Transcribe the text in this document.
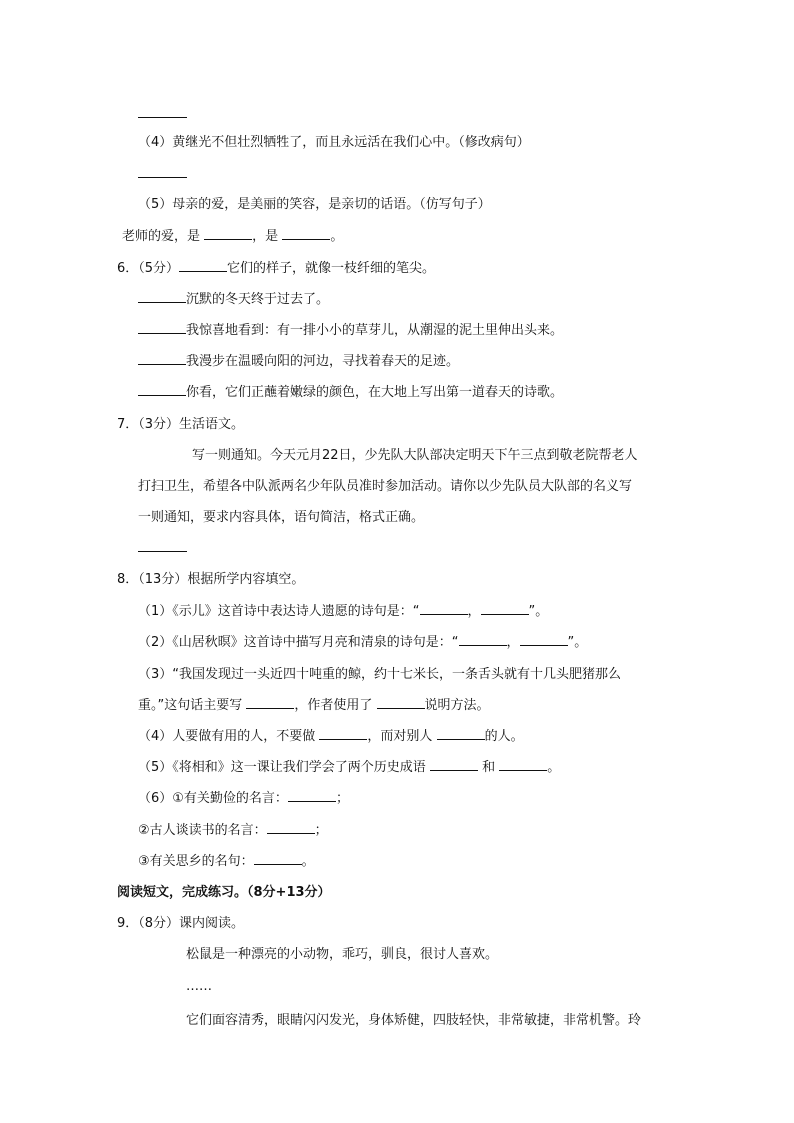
（4）黄继光不但壮烈牺牲了，而且永远活在我们心中。（修改病句）
（5）母亲的爱，是美丽的笑容，是亲切的话语。（仿写句子）
老师的爱，是	，是	。
6．（5分）	它们的样子，就像一枝纤细的笔尖。
沉默的冬天终于过去了。
我惊喜地看到：有一排小小的草芽儿，从潮湿的泥土里伸出头来。
我漫步在温暖向阳的河边，寻找着春天的足迹。
你看，它们正蘸着嫩绿的颜色，在大地上写出第一道春天的诗歌。
7．（3分）生活语文。
写一则通知。今天元月22日，少先队大队部决定明天下午三点到敬老院帮老人
打扫卫生，希望各中队派两名少年队员准时参加活动。请你以少先队员大队部的名义写
一则通知，要求内容具体，语句简洁，格式正确。
8．（13分）根据所学内容填空。
（1）《示儿》这首诗中表达诗人遗愿的诗句是：“	，	”。
（2）《山居秋暝》这首诗中描写月亮和清泉的诗句是：“	，	”。
（3）“我国发现过一头近四十吨重的鲸，约十七米长，一条舌头就有十几头肥猪那么
重。”这句话主要写	，作者使用了	说明方法。
（4）人要做有用的人，不要做	，而对别人	的人。
（5）《将相和》这一课让我们学会了两个历史成语	和	。
（6）①有关勤俭的名言：	；
②古人谈读书的名言：	；
③有关思乡的名句：	。
阅读短文，完成练习。（8分+13分）
9．（8分）课内阅读。
松鼠是一种漂亮的小动物，乖巧，驯良，很讨人喜欢。
……
它们面容清秀，眼睛闪闪发光，身体矫健，四肢轻快，非常敏捷，非常机警。玲
